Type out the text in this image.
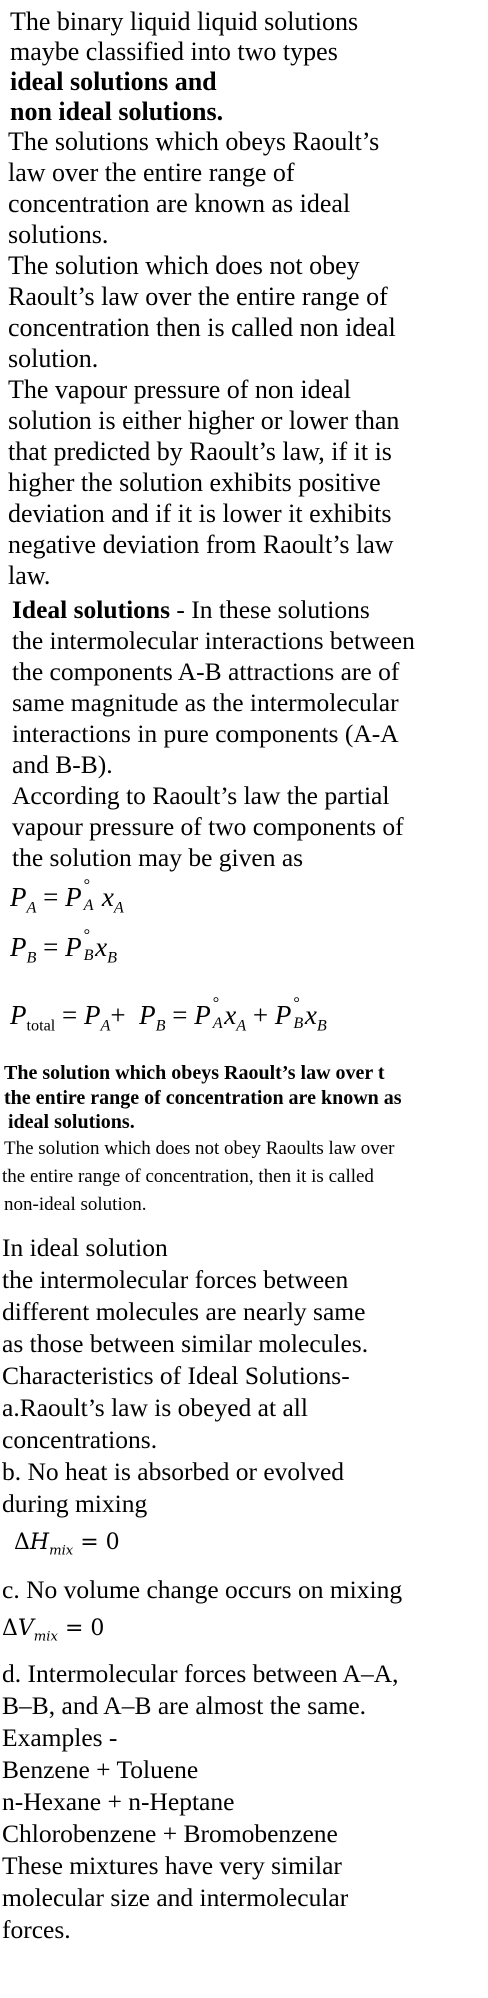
The binary liquid liquid solutions
maybe classified into two types
ideal solutions and
non ideal solutions.
The solutions which obeys Raoult’s
law over the entire range of
concentration are known as ideal
solutions.
The solution which does not obey
Raoult’s law over the entire range of
concentration then is called non ideal
solution.
The vapour pressure of non ideal
solution is either higher or lower than
that predicted by Raoult’s law, if it is
higher the solution exhibits positive
deviation and if it is lower it exhibits
negative deviation from Raoult’s law
law.
Ideal solutions - In these solutions
the intermolecular interactions between
the components A-B attractions are of
same magnitude as the intermolecular
interactions in pure components (A-A
and B-B).
According to Raoult’s law the partial
vapour pressure of two components of
the solution may be given as
$P_A = P$ °
A
  $x_A$
$P_B = P$ °
B
  $x_B$
$P_{total} = P_A+ P_B = P$ °
A
  $x_A + P$ °
B
  $x_B$
The solution which obeys Raoult’s law over t
the entire range of concentration are known as
ideal solutions.
The solution which does not obey Raoults law over
the entire range of concentration, then it is called
non-ideal solution.
In ideal solution
the intermolecular forces between
different molecules are nearly same
as those between similar molecules.
Characteristics of Ideal Solutions-
a.Raoult’s law is obeyed at all
concentrations.
b. No heat is absorbed or evolved
during mixing
$\Delta H_{mix} = 0$
c. No volume change occurs on mixing
$\Delta V_{mix} = 0$
d. Intermolecular forces between A–A,
B–B, and A–B are almost the same.
Examples -
Benzene + Toluene
n-Hexane + n-Heptane
Chlorobenzene + Bromobenzene
These mixtures have very similar
molecular size and intermolecular
forces.
